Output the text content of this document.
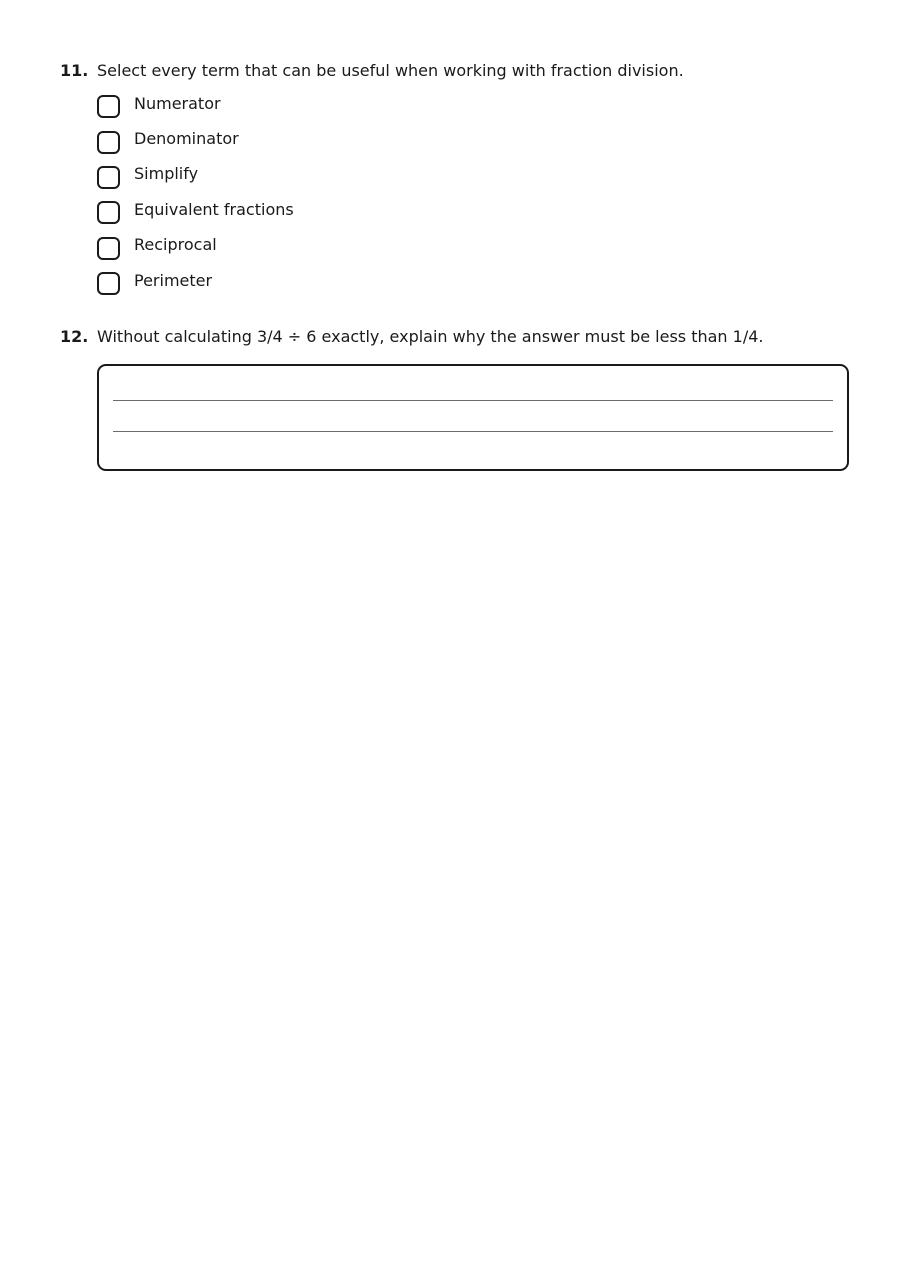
11. Select every term that can be useful when working with fraction division.
Numerator
Denominator
Simplify
Equivalent fractions
Reciprocal
Perimeter
12. Without calculating 3/4 ÷ 6 exactly, explain why the answer must be less than 1/4.
